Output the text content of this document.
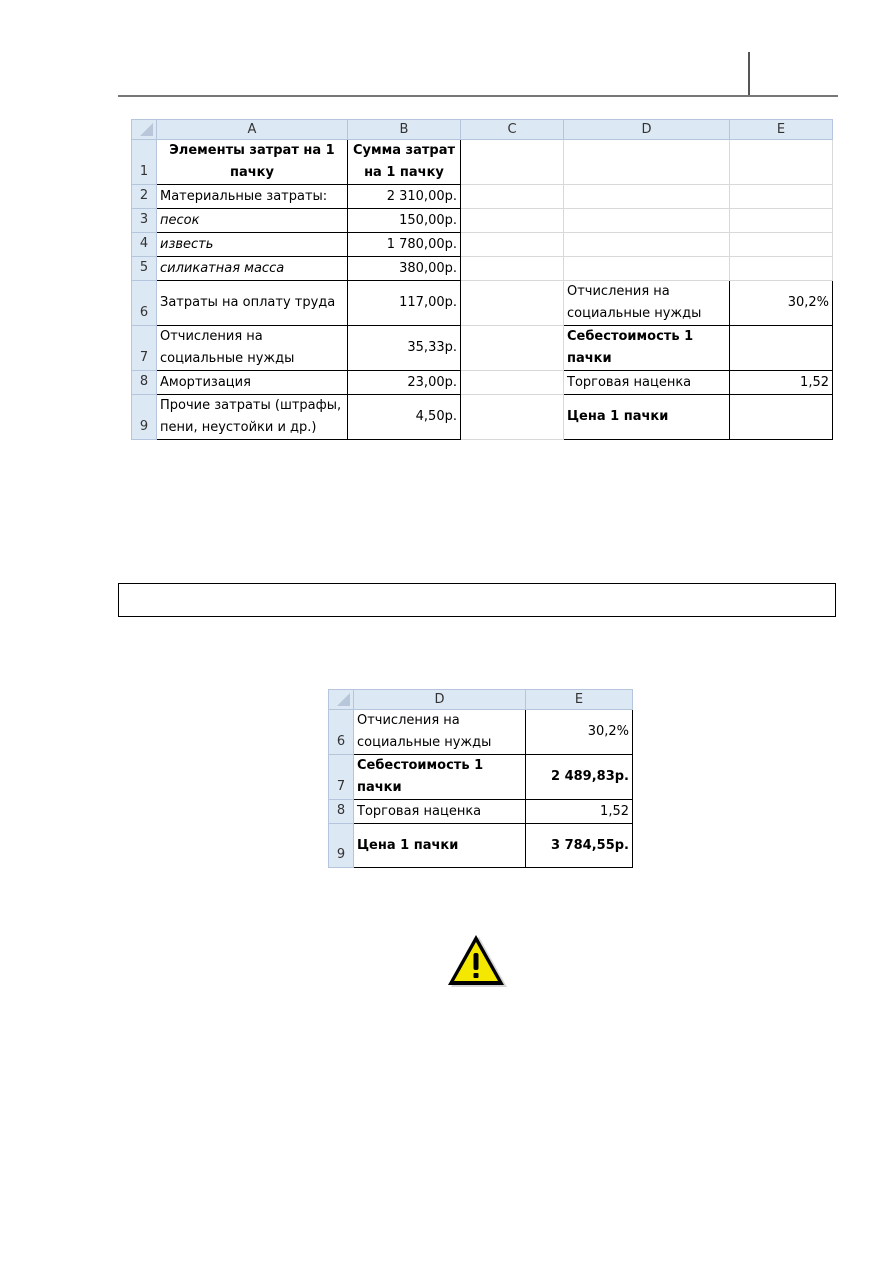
	A	B	C	D	E
1	Элементы затрат на 1 пачку	Сумма затрат на 1 пачку			
2	Материальные затраты:	2 310,00р.			
3	песок	150,00р.			
4	известь	1 780,00р.			
5	силикатная масса	380,00р.			
6	Затраты на оплату труда	117,00р.		Отчисления на социальные нужды	30,2%
7	Отчисления на социальные нужды	35,33р.		Себестоимость 1 пачки	
8	Амортизация	23,00р.		Торговая наценка	1,52
9	Прочие затраты (штрафы, пени, неустойки и др.)	4,50р.		Цена 1 пачки	
	D	E
6	Отчисления на социальные нужды	30,2%
7	Себестоимость 1 пачки	2 489,83р.
8	Торговая наценка	1,52
9	Цена 1 пачки	3 784,55р.
